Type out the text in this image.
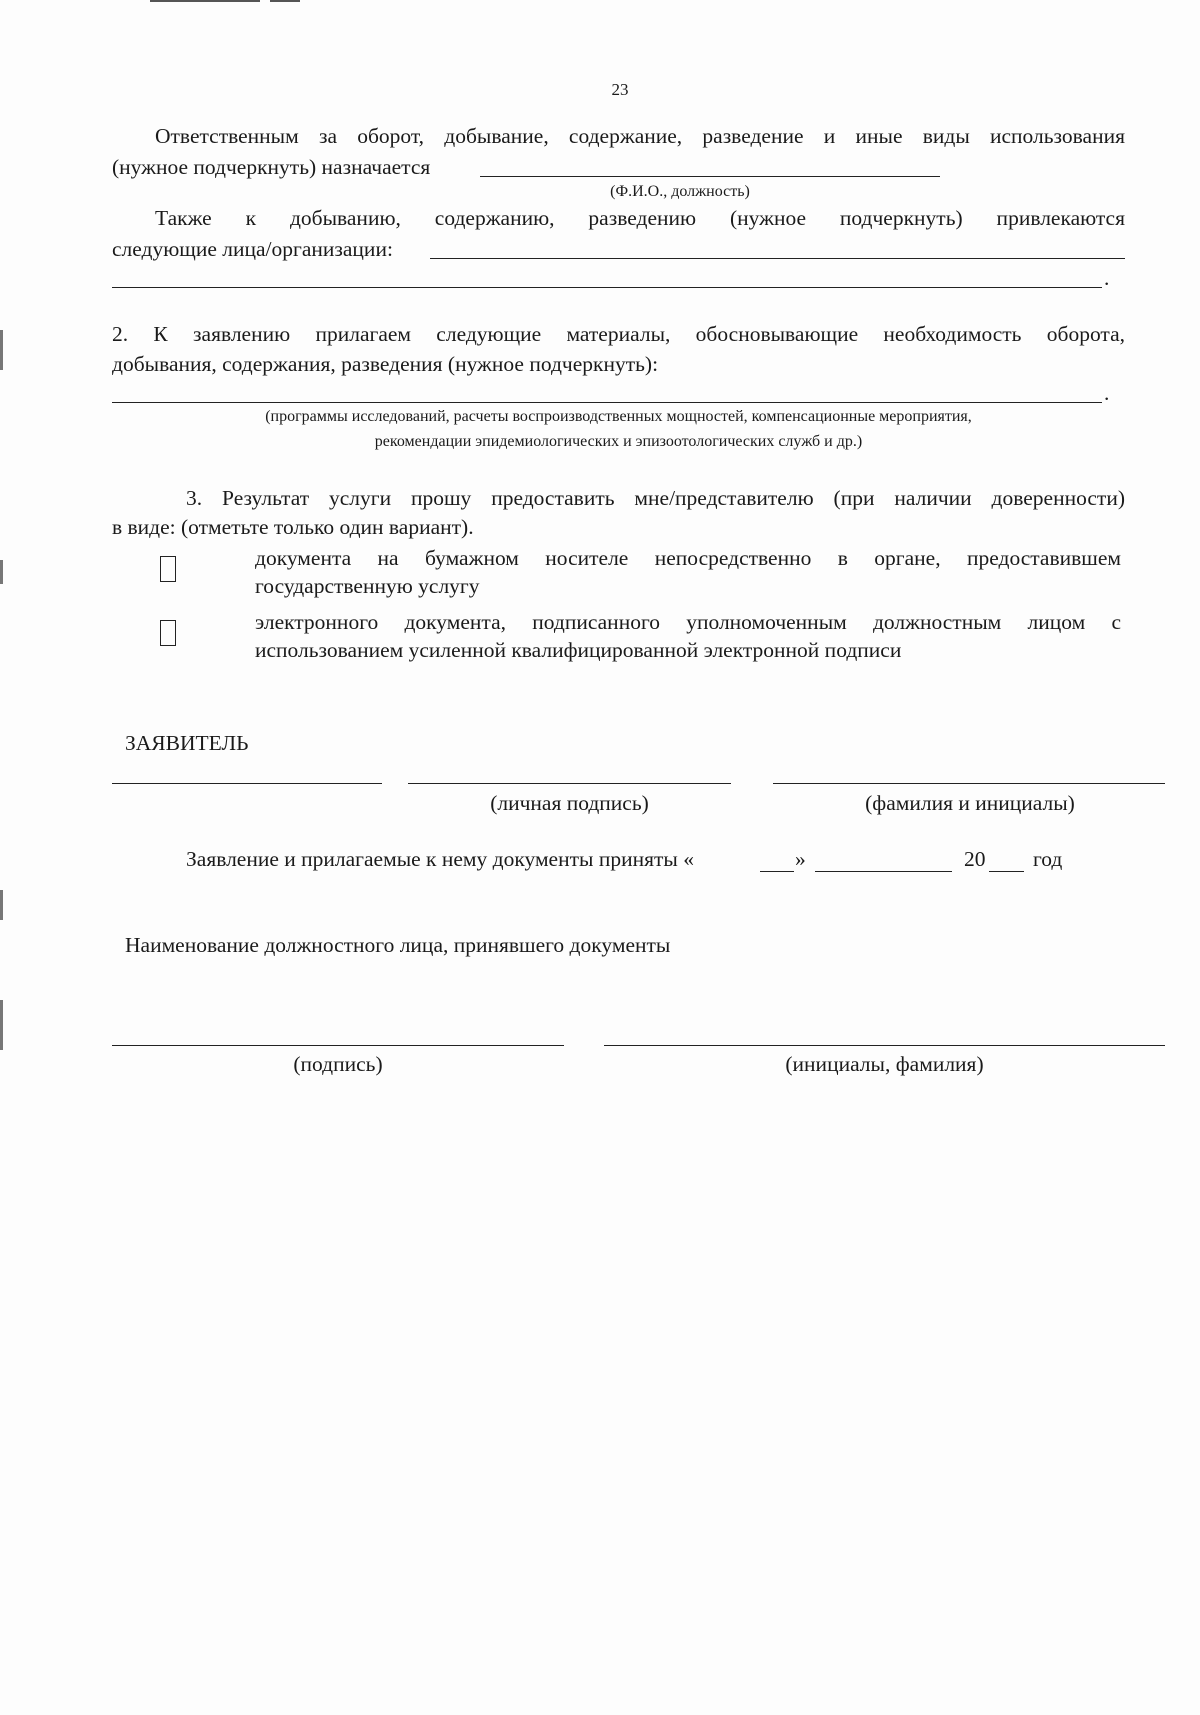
23
Ответственным за оборот, добывание, содержание, разведение и иные виды использования
(нужное подчеркнуть) назначается
(Ф.И.О., должность)
Также к добыванию, содержанию, разведению (нужное подчеркнуть) привлекаются
следующие лица/организации:
.
2. К заявлению прилагаем следующие материалы, обосновывающие необходимость оборота,
добывания, содержания, разведения (нужное подчеркнуть):
.
(программы исследований, расчеты воспроизводственных мощностей, компенсационные мероприятия,
рекомендации эпидемиологических и эпизоотологических служб и др.)
3. Результат услуги прошу предоставить мне/представителю (при наличии доверенности)
в виде: (отметьте только один вариант).
документа на бумажном носителе непосредственно в органе, предоставившем
государственную услугу
электронного документа, подписанного уполномоченным должностным лицом с
использованием усиленной квалифицированной электронной подписи
ЗАЯВИТЕЛЬ
(личная подпись)	(фамилия и инициалы)
Заявление и прилагаемые к нему документы приняты «	»	20 год
Наименование должностного лица, принявшего документы
(подпись)	(инициалы, фамилия)
